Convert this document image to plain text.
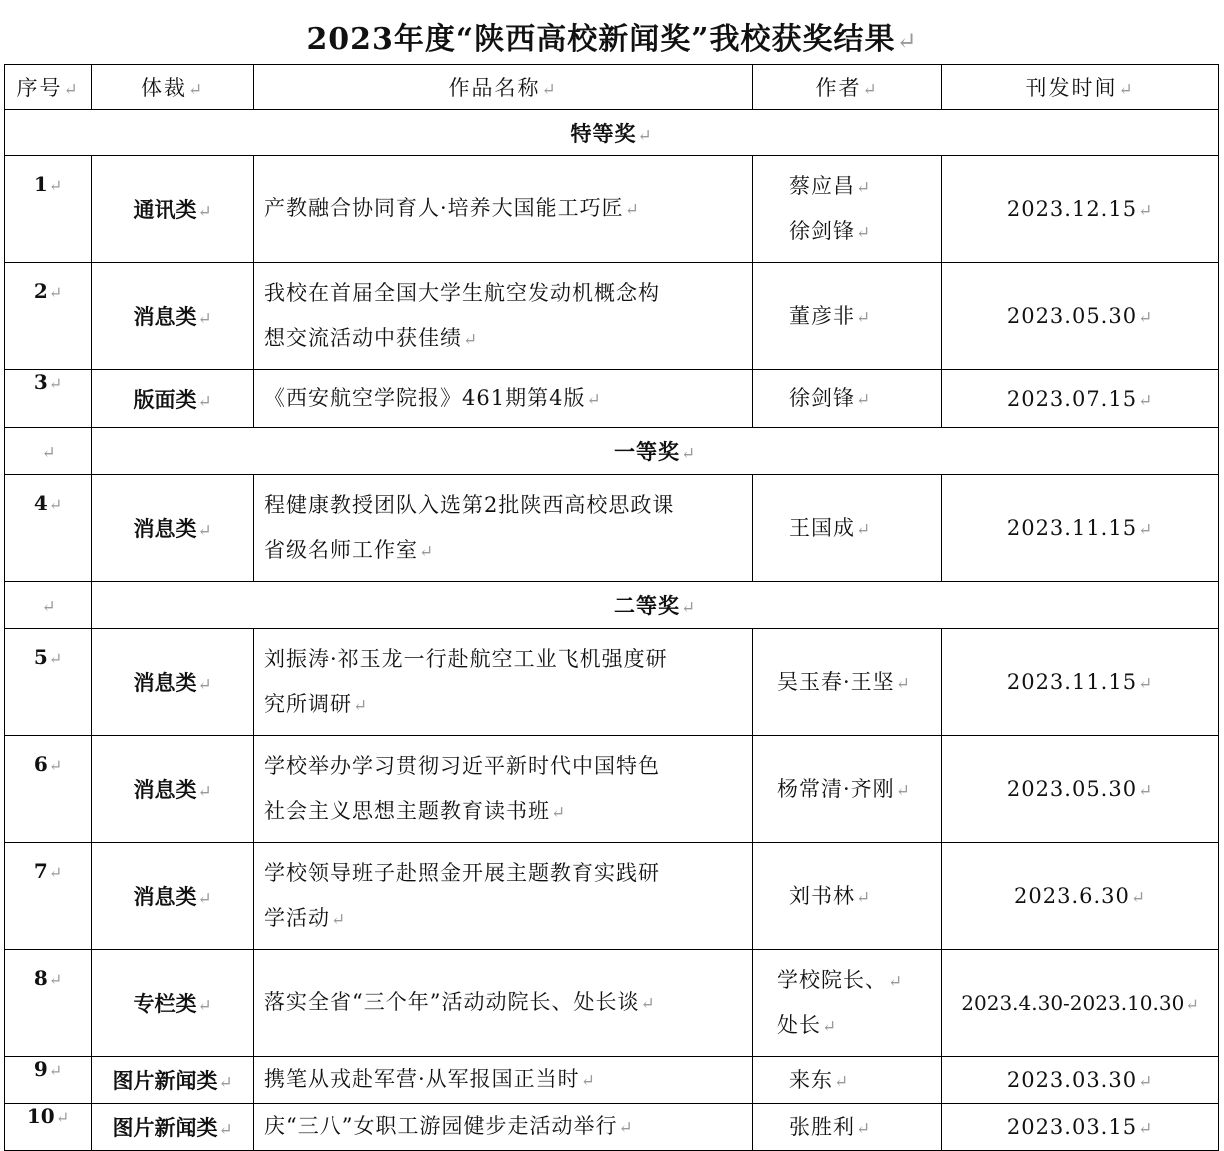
2023年度“陕西高校新闻奖”我校获奖结果↵
序号↵	体裁↵	作品名称↵	作者↵	刊发时间↵
特等奖↵				
1↵	通讯类↵	产教融合协同育人·培养大国能工巧匠↵	蔡应昌↵
徐剑锋↵	2023.12.15↵
2↵	消息类↵	我校在首届全国大学生航空发动机概念构
想交流活动中获佳绩↵	董彦非↵	2023.05.30↵
3↵	版面类↵	《西安航空学院报》461期第4版↵	徐剑锋↵	2023.07.15↵
↵	一等奖↵			
4↵	消息类↵	程健康教授团队入选第2批陕西高校思政课
省级名师工作室↵	王国成↵	2023.11.15↵
↵	二等奖↵			
5↵	消息类↵	刘振涛·祁玉龙一行赴航空工业飞机强度研
究所调研↵	吴玉春·王坚↵	2023.11.15↵
6↵	消息类↵	学校举办学习贯彻习近平新时代中国特色
社会主义思想主题教育读书班↵	杨常清·齐刚↵	2023.05.30↵
7↵	消息类↵	学校领导班子赴照金开展主题教育实践研
学活动↵	刘书林↵	2023.6.30↵
8↵	专栏类↵	落实全省“三个年”活动动院长、处长谈↵	学校院长、↵
处长↵	2023.4.30-2023.10.30↵
9↵	图片新闻类↵	携笔从戎赴军营·从军报国正当时↵	来东↵	2023.03.30↵
10↵	图片新闻类↵	庆“三八”女职工游园健步走活动举行↵	张胜利↵	2023.03.15↵
